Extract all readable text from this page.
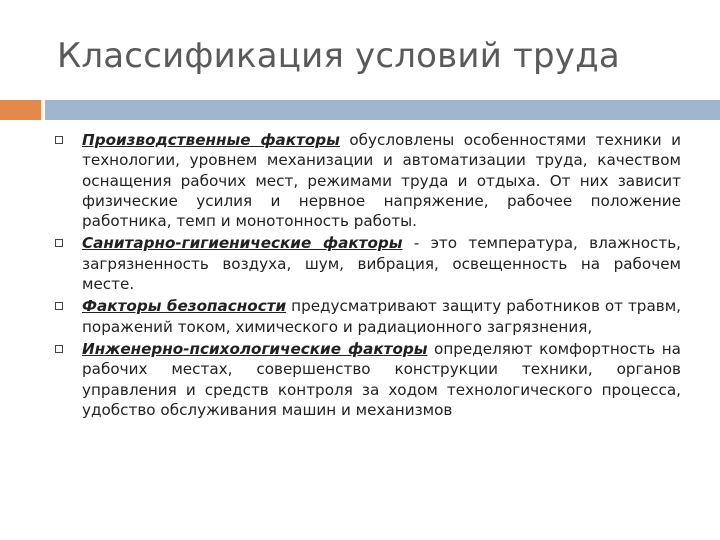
Классификация условий труда
Производственные факторы обусловлены особенностями техники и технологии, уровнем механизации и автоматизации труда, качеством оснащения рабочих мест, режимами труда и отдыха. От них зависит физические усилия и нервное напряжение, рабочее положение работника, темп и монотонность работы.
Санитарно-гигиенические факторы - это температура, влажность, загрязненность воздуха, шум, вибрация, освещенность на рабочем месте.
Факторы безопасности предусматривают защиту работников от травм, поражений током, химического и радиационного загрязнения,
Инженерно-психологические факторы определяют комфортность на рабочих местах, совершенство конструкции техники, органов управления и средств контроля за ходом технологического процесса, удобство обслуживания машин и механизмов
